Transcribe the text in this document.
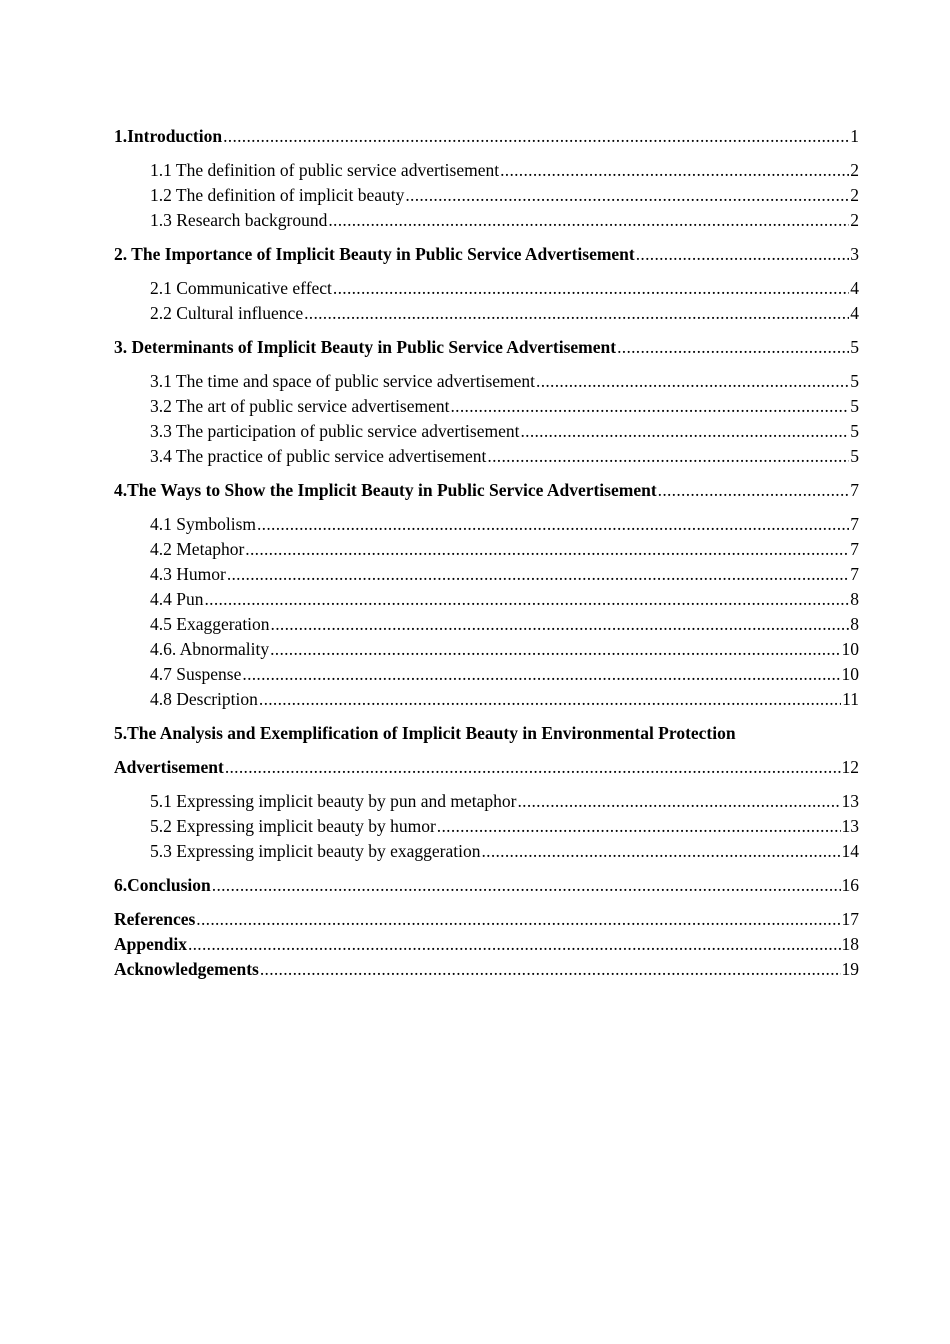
1.Introduction .....	1
1.1 The definition of public service advertisement .....	2
1.2 The definition of implicit beauty .....	2
1.3 Research background .....	2
2. The Importance of Implicit Beauty in Public Service Advertisement .....	3
2.1 Communicative effect .....	4
2.2 Cultural influence .....	4
3. Determinants of Implicit Beauty in Public Service Advertisement .....	5
3.1 The time and space of public service advertisement .....	5
3.2 The art of public service advertisement .....	5
3.3 The participation of public service advertisement .....	5
3.4 The practice of public service advertisement .....	5
4.The Ways to Show the Implicit Beauty in Public Service Advertisement .....	7
4.1 Symbolism .....	7
4.2 Metaphor .....	7
4.3 Humor .....	7
4.4 Pun .....	8
4.5 Exaggeration .....	8
4.6. Abnormality .....	10
4.7 Suspense .....	10
4.8 Description .....	11
5.The Analysis and Exemplification of Implicit Beauty in Environmental Protection
Advertisement .....	12
5.1 Expressing implicit beauty by pun and metaphor .....	13
5.2 Expressing implicit beauty by humor .....	13
5.3 Expressing implicit beauty by exaggeration .....	14
6.Conclusion .....	16
References .....	17
Appendix .....	18
Acknowledgements .....	19
